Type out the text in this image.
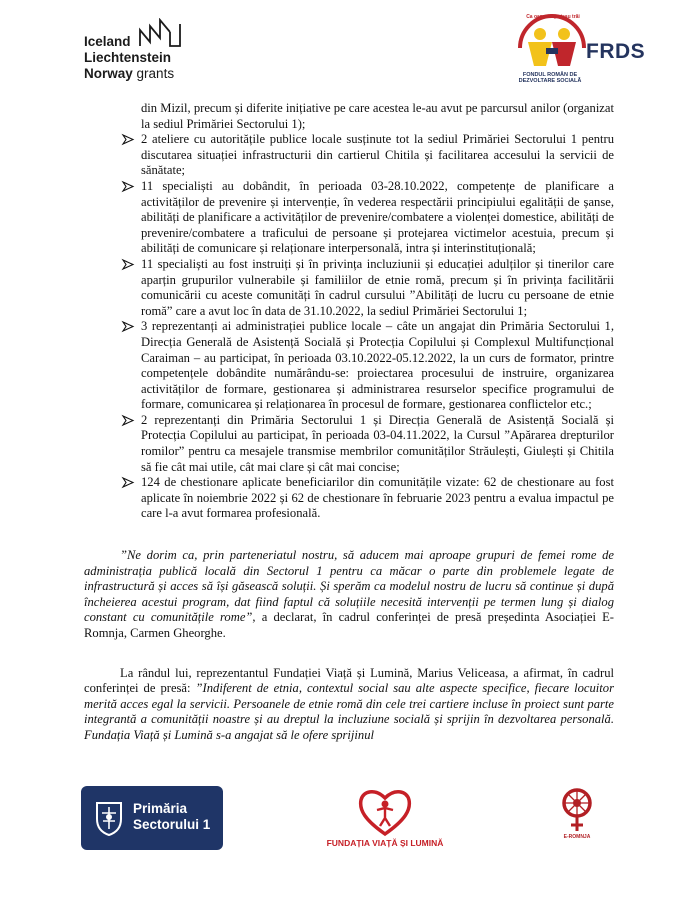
Iceland
Liechtenstein
Norway grants
Ca oamenii puteau trăi
FRDS
FONDUL ROMÂN DE DEZVOLTARE SOCIALĂ

din Mizil, precum și diferite inițiative pe care acestea le-au avut pe parcursul anilor (organizat la sediul Primăriei Sectorului 1);

2 ateliere cu autoritățile publice locale susținute tot la sediul Primăriei Sectorului 1 pentru discutarea situației infrastructurii din cartierul Chitila și facilitarea accesului la servicii de sănătate;
11 specialiști au dobândit, în perioada 03-28.10.2022, competențe de planificare a activităților de prevenire și intervenție, în vederea respectării principiului egalității de șanse, abilități de planificare a activităților de prevenire/combatere a violenței domestice, abilități de prevenire/combatere a traficului de persoane și protejarea victimelor acestuia, precum și abilități de comunicare și relaționare interpersonală, intra și interinstituțională;
11 specialiști au fost instruiți și în privința incluziunii și educației adulților și tinerilor care aparțin grupurilor vulnerabile și familiilor de etnie romă, precum și în privința facilitării comunicării cu aceste comunități în cadrul cursului ”Abilități de lucru cu persoane de etnie romă” care a avut loc în data de 31.10.2022, la sediul Primăriei Sectorului 1;
3 reprezentanți ai administrației publice locale – câte un angajat din Primăria Sectorului 1, Direcția Generală de Asistență Socială și Protecția Copilului și Complexul Multifuncțional Caraiman – au participat, în perioada 03.10.2022-05.12.2022, la un curs de formator, printre competențele dobândite numărându-se: proiectarea procesului de instruire, organizarea activităților de formare, gestionarea și administrarea resurselor specifice programului de formare, comunicarea și relaționarea în procesul de formare, gestionarea conflictelor etc.;
2 reprezentanți din Primăria Sectorului 1 și Direcția Generală de Asistență Socială și Protecția Copilului au participat, în perioada 03-04.11.2022, la Cursul ”Apărarea drepturilor romilor” pentru ca mesajele transmise membrilor comunităților Străulești, Giulești și Chitila să fie cât mai utile, cât mai clare și cât mai concise;
124 de chestionare aplicate beneficiarilor din comunitățile vizate: 62 de chestionare au fost aplicate în noiembrie 2022 și 62 de chestionare în februarie 2023 pentru a evalua impactul pe care l-a avut formarea profesională.

”Ne dorim ca, prin parteneriatul nostru, să aducem mai aproape grupuri de femei rome de administrația publică locală din Sectorul 1 pentru ca măcar o parte din problemele legate de infrastructură și acces să își găsească soluții. Și sperăm ca modelul nostru de lucru să continue și după încheierea acestui program, dat fiind faptul că soluțiile necesită intervenții pe termen lung și dialog constant cu comunitățile rome”, a declarat, în cadrul conferinței de presă președinta Asociației E-Romnja, Carmen Gheorghe.

La rândul lui, reprezentantul Fundației Viață și Lumină, Marius Veliceasa, a afirmat, în cadrul conferinței de presă: ”Indiferent de etnia, contextul social sau alte aspecte specifice, fiecare locuitor merită acces egal la servicii. Persoanele de etnie romă din cele trei cartiere incluse în proiect sunt parte integrantă a comunității noastre și au dreptul la incluziune socială și sprijin în dezvoltarea personală. Fundația Viață și Lumină s-a angajat să le ofere sprijinul

Primăria
Sectorului 1
FUNDAȚIA VIAȚĂ ȘI LUMINĂ
E-ROMNJA
